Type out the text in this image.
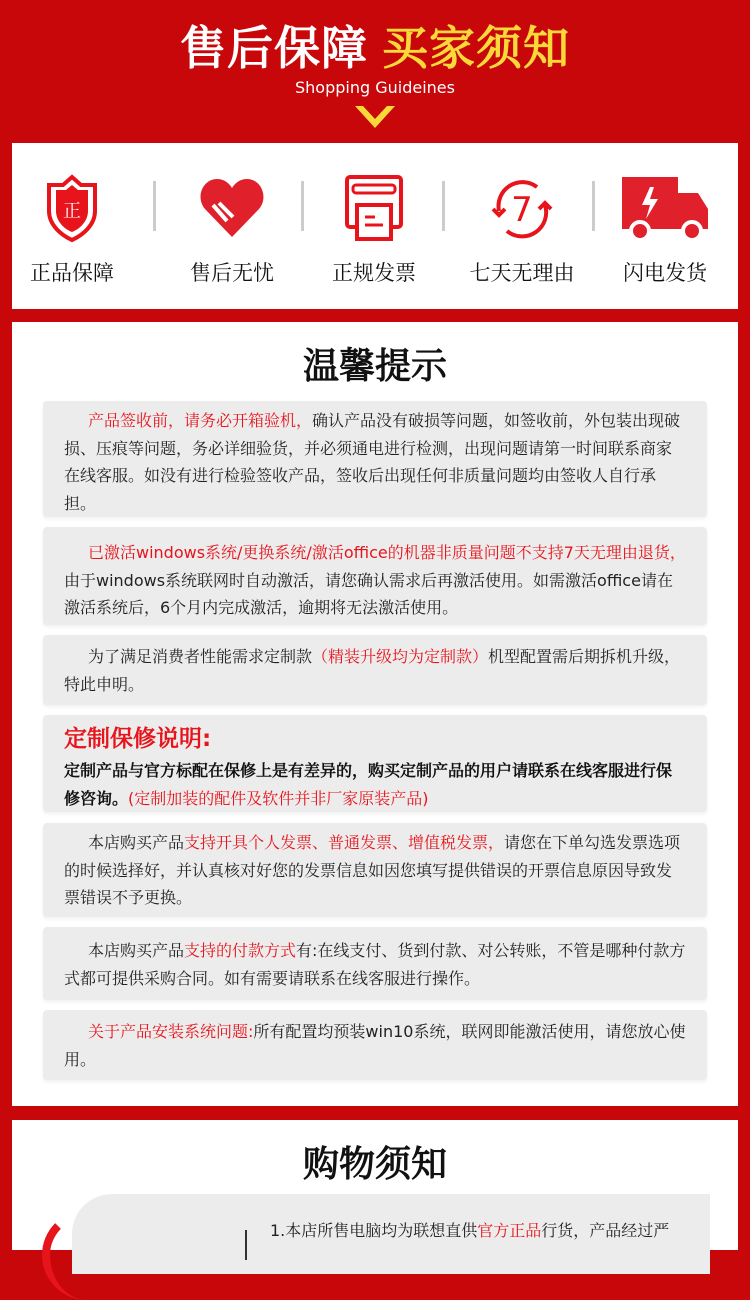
售后保障 买家须知
Shopping Guideines
正
正品保障	售后无忧	正规发票
7
七天无理由	闪电发货
温馨提示
产品签收前，请务必开箱验机，确认产品没有破损等问题，如签收前，外包装出现破损、压痕等问题，务必详细验货，并必须通电进行检测，出现问题请第一时间联系商家在线客服。如没有进行检验签收产品，签收后出现任何非质量问题均由签收人自行承担。
已激活windows系统/更换系统/激活office的机器非质量问题不支持7天无理由退货，由于windows系统联网时自动激活，请您确认需求后再激活使用。如需激活office请在激活系统后，6个月内完成激活，逾期将无法激活使用。
为了满足消费者性能需求定制款（精装升级均为定制款）机型配置需后期拆机升级，特此申明。
定制保修说明:
定制产品与官方标配在保修上是有差异的，购买定制产品的用户请联系在线客服进行保修咨询。(定制加装的配件及软件并非厂家原装产品)
本店购买产品支持开具个人发票、普通发票、增值税发票，请您在下单勾选发票选项的时候选择好，并认真核对好您的发票信息如因您填写提供错误的开票信息原因导致发票错误不予更换。
本店购买产品支持的付款方式有:在线支付、货到付款、对公转账，不管是哪种付款方式都可提供采购合同。如有需要请联系在线客服进行操作。
关于产品安装系统问题:所有配置均预装win10系统，联网即能激活使用，请您放心使用。
购物须知
1.本店所售电脑均为联想直供官方正品行货，产品经过严
